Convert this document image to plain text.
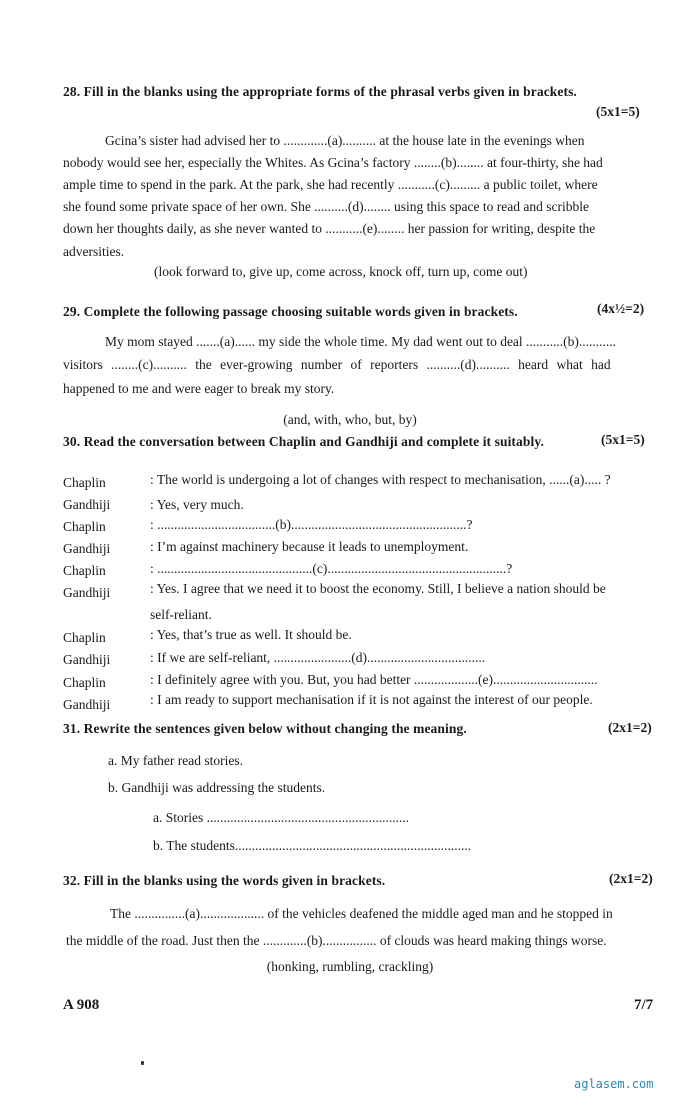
28. Fill in the blanks using the appropriate forms of the phrasal verbs given in brackets.
(5x1=5)
Gcina’s sister had advised her to .............(a).......... at the house late in the evenings when
nobody would see her, especially the Whites. As Gcina’s factory ........(b)........ at four-thirty, she had
ample time to spend in the park. At the park, she had recently ...........(c)......... a public toilet, where
she found some private space of her own. She ..........(d)........ using this space to read and scribble
down her thoughts daily, as she never wanted to ...........(e)........ her passion for writing, despite the
adversities.
(look forward to, give up, come across, knock off, turn up, come out)
29. Complete the following passage choosing suitable words given in brackets.	(4x½=2)
My mom stayed .......(a)...... my side the whole time. My dad went out to deal ...........(b)...........
visitors ........(c).......... the ever-growing number of reporters ..........(d).......... heard what had
happened to me and were eager to break my story.
(and, with, who, but, by)
30. Read the conversation between Chaplin and Gandhiji and complete it suitably.	(5x1=5)
Chaplin	: The world is undergoing a lot of changes with respect to mechanisation, ......(a)..... ?
Gandhiji	: Yes, very much.
Chaplin	: ...................................(b)....................................................?
Gandhiji	: I’m against machinery because it leads to unemployment.
Chaplin	: ..............................................(c).....................................................?
Gandhiji	: Yes. I agree that we need it to boost the economy. Still, I believe a nation should be
self-reliant.
Chaplin	: Yes, that’s true as well. It should be.
Gandhiji	: If we are self-reliant, .......................(d)...................................
Chaplin	: I definitely agree with you. But, you had better ...................(e)...............................
Gandhiji	: I am ready to support mechanisation if it is not against the interest of our people.
31. Rewrite the sentences given below without changing the meaning.	(2x1=2)
a. My father read stories.
b. Gandhiji was addressing the students.
a. Stories ............................................................
b. The students......................................................................
32. Fill in the blanks using the words given in brackets.	(2x1=2)
The ...............(a)................... of the vehicles deafened the middle aged man and he stopped in
the middle of the road. Just then the .............(b)................ of clouds was heard making things worse.
(honking, rumbling, crackling)
A 908	7/7
aglasem.com
